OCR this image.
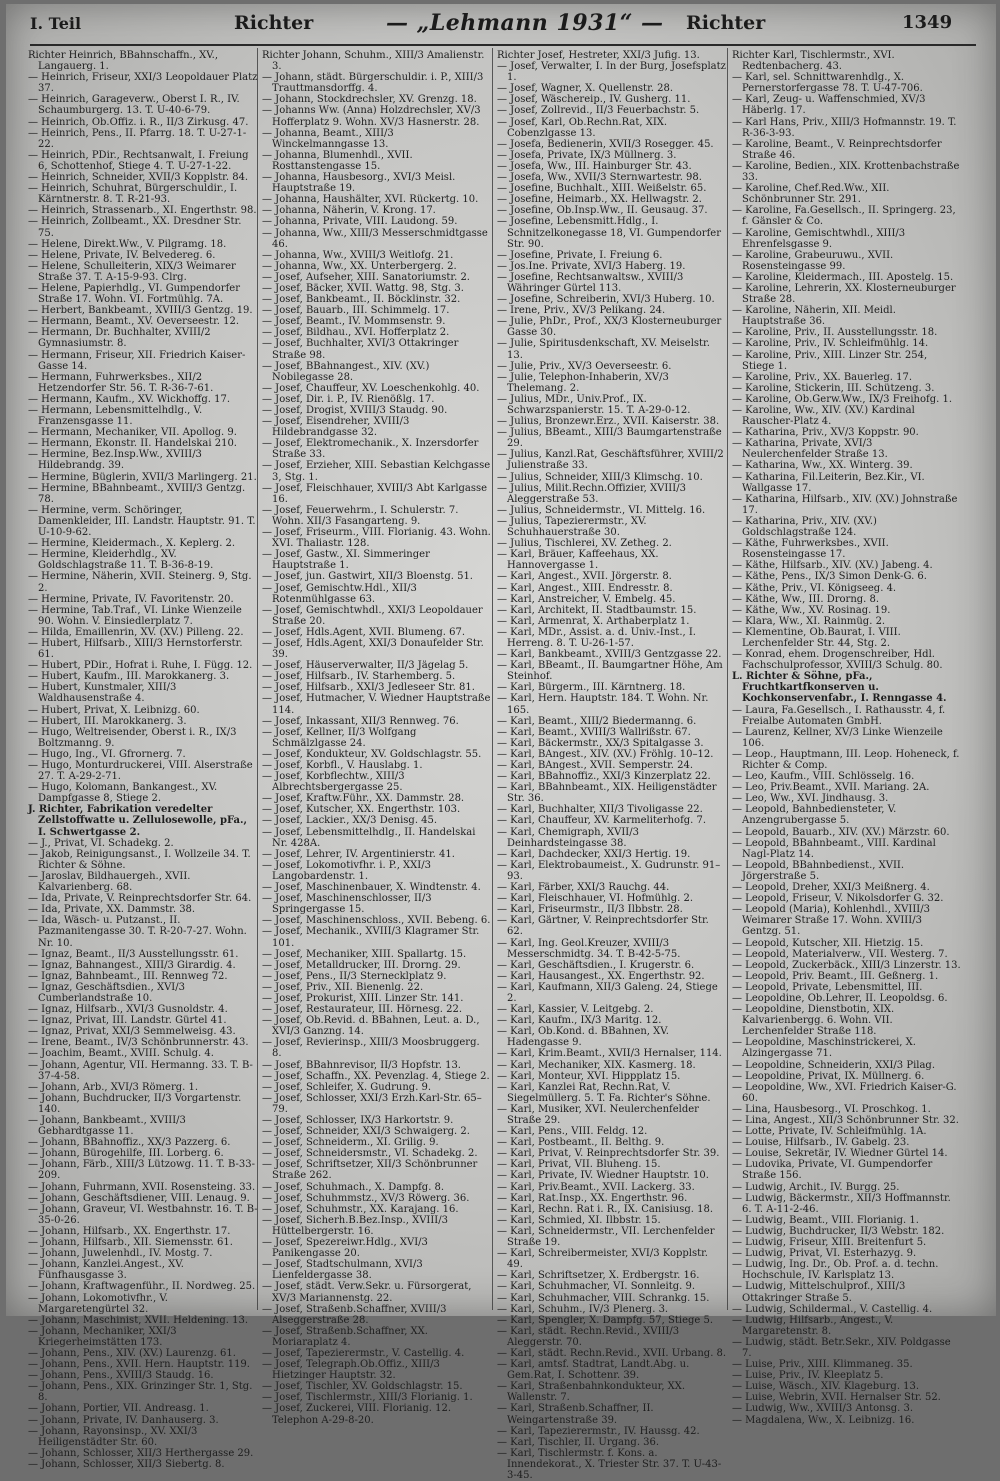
I. Teil	Richter	— „Lehmann 1931“ — Richter	1349
Richter Heinrich, BBahnschaffn., XV., Langauerg. 1.
— Heinrich, Friseur, XXI/3 Leopoldauer Platz 37.
— Heinrich, Garageverw., Oberst I. R., IV. Schaumburgerg. 13. T. U-40-6-79.
— Heinrich, Ob.Offiz. i. R., II/3 Zirkusg. 47.
— Heinrich, Pens., II. Pfarrg. 18. T. U-27-1-22.
— Heinrich, PDir., Rechtsanwalt, I. Freiung 6, Schottenhof, Stiege 4. T. U-27-1-22.
— Heinrich, Schneider, XVII/3 Kopplstr. 84.
— Heinrich, Schuhrat, Bürgerschuldir., I. Kärntnerstr. 8. T. R-21-93.
— Heinrich, Strassenarb., XI. Engerthstr. 98.
— Heinrich, Zollbeamt., XX. Dresdner Str. 75.
— Helene, Direkt.Ww., V. Pilgramg. 18.
— Helene, Private, IV. Belvedereg. 6.
— Helene, Schulleiterin, XIX/3 Weimarer Straße 37. T. A-15-9-93. Clrg.
— Helene, Papierhdlg., VI. Gumpendorfer Straße 17. Wohn. VI. Fortmühlg. 7A.
— Herbert, Bankbeamt., XVIII/3 Gentzg. 19.
— Hermann, Beamt., XV. Oeverseestr. 12.
— Hermann, Dr. Buchhalter, XVIII/2 Gymnasiumstr. 8.
— Hermann, Friseur, XII. Friedrich Kaiser-Gasse 14.
— Hermann, Fuhrwerksbes., XII/2 Hetzendorfer Str. 56. T. R-36-7-61.
— Hermann, Kaufm., XV. Wickhoffg. 17.
— Hermann, Lebensmittelhdlg., V. Franzensgasse 11.
— Hermann, Mechaniker, VII. Apollog. 9.
— Hermann, Ekonstr. II. Handelskai 210.
— Hermine, Bez.Insp.Ww., XVIII/3 Hildebrandg. 39.
— Hermine, Büglerin, XVII/3 Marlingerg. 21.
— Hermine, BBahnbeamt., XVIII/3 Gentzg. 78.
— Hermine, verm. Schöringer, Damenkleider, III. Landstr. Hauptstr. 91. T. U-10-9-62.
— Hermine, Kleidermach., X. Keplerg. 2.
— Hermine, Kleiderhdlg., XV. Goldschlagstraße 11. T. B-36-8-19.
— Hermine, Näherin, XVII. Steinerg. 9, Stg. 2.
— Hermine, Private, IV. Favoritenstr. 20.
— Hermine, Tab.Traf., VI. Linke Wienzeile 90. Wohn. V. Einsiedlerplatz 7.
— Hilda, Emaillenrin, XV. (XV.) Pilleng. 22.
— Hubert, Hilfsarb., XIII/3 Hernstorferstr. 61.
— Hubert, PDir., Hofrat i. Ruhe, I. Függ. 12.
— Hubert, Kaufm., III. Marokkanerg. 3.
— Hubert, Kunstmaler, XIII/3 Waldhausenstraße 4.
— Hubert, Privat, X. Leibnizg. 60.
— Hubert, III. Marokkanerg. 3.
— Hugo, Weltreisender, Oberst i. R., IX/3 Boltzmanng. 9.
— Hugo, Ing., VI. Gfrornerg. 7.
— Hugo, Monturdruckerei, VIII. Alserstraße 27. T. A-29-2-71.
— Hugo, Kolomann, Bankangest., XV. Dampfgasse 8, Stiege 2.
J. Richter, Fabrikation veredelter Zellstoffwatte u. Zellulosewolle, pFa., I. Schwertgasse 2.
— J., Privat, VI. Schadekg. 2.
— Jakob, Reinigungsanst., I. Wollzeile 34. T. Richter & Söhne.
— Jaroslav, Bildhauergeh., XVII. Kalvarienberg. 68.
— Ida, Private, V. Reinprechtsdorfer Str. 64.
— Ida, Private, XX. Dammstr. 38.
— Ida, Wäsch- u. Putzanst., II. Pazmanitengasse 30. T. R-20-7-27. Wohn. Nr. 10.
— Ignaz, Beamt., II/3 Ausstellungsstr. 61.
— Ignaz, Bahnangest., XIII/3 Girardig. 4.
— Ignaz, Bahnbeamt., III. Rennweg 72.
— Ignaz, Geschäftsdien., XVI/3 Cumberlandstraße 10.
— Ignaz, Hilfsarb., XVI/3 Gusnoldstr. 4.
— Ignaz, Privat, III. Landstr. Gürtel 41.
— Ignaz, Privat, XXI/3 Semmelweisg. 43.
— Irene, Beamt., IV/3 Schönbrunnerstr. 43.
— Joachim, Beamt., XVIII. Schulg. 4.
— Johann, Agentur, VII. Hermanng. 33. T. B-37-4-58.
— Johann, Arb., XVI/3 Römerg. 1.
— Johann, Buchdrucker, II/3 Vorgartenstr. 140.
— Johann, Bankbeamt., XVIII/3 Gebhardtgasse 11.
— Johann, BBahnoffiz., XX/3 Pazzerg. 6.
— Johann, Bürogehilfe, III. Lorberg. 6.
— Johann, Färb., XIII/3 Lützowg. 11. T. B-33-209.
— Johann, Fuhrmann, XVII. Rosensteing. 33.
— Johann, Geschäftsdiener, VIII. Lenaug. 9.
— Johann, Graveur, VI. Westbahnstr. 16. T. B-35-0-26.
— Johann, Hilfsarb., XX. Engerthstr. 17.
— Johann, Hilfsarb., XII. Siemensstr. 61.
— Johann, Juwelenhdl., IV. Mostg. 7.
— Johann, Kanzlei.Angest., XV. Fünfhausgasse 3.
— Johann, Kraftwagenführ., II. Nordweg. 25.
— Johann, Lokomotivfhr., V. Margaretengürtel 32.
— Johann, Maschinist, XVII. Heldening. 13.
— Johann, Mechaniker, XXI/3 Kriegerheimstätten 173.
— Johann, Pens., XIV. (XV.) Laurenzg. 61.
— Johann, Pens., XVII. Hern. Hauptstr. 119.
— Johann, Pens., XVIII/3 Staudg. 16.
— Johann, Pens., XIX. Grinzinger Str. 1, Stg. 8.
— Johann, Portier, VII. Andreasg. 1.
— Johann, Private, IV. Danhauserg. 3.
— Johann, Rayonsinsp., XV. XXI/3 Heiligenstädter Str. 60.
— Johann, Schlosser, XII/3 Herthergasse 29.
— Johann, Schlosser, XII/3 Siebertg. 8.
Richter Johann, Schuhm., XIII/3 Amalienstr. 3.
— Johann, städt. Bürgerschuldir. i. P., XIII/3 Trauttmansdorffg. 4.
— Johann, Stockdrechsler, XV. Grenzg. 18.
— Johanns Ww. (Anna) Holzdrechsler, XV/3 Hofferplatz 9. Wohn. XV/3 Hasnerstr. 28.
— Johanna, Beamt., XIII/3 Winckelmanngasse 13.
— Johanna, Blumenhdl., XVII. Rosttanstengasse 15.
— Johanna, Hausbesorg., XVI/3 Meisl. Hauptstraße 19.
— Johanna, Haushälter, XVI. Rückertg. 10.
— Johanna, Näherin, V. Krong. 17.
— Johanna, Private, VIII. Laudong. 59.
— Johanna, Ww., XIII/3 Messerschmidtgasse 46.
— Johanna, Ww., XVIII/3 Weitlofg. 21.
— Johanna, Ww., XX. Unterbergerg. 2.
— Josef, Aufseher, XIII. Sanatoriumstr. 2.
— Josef, Bäcker, XVII. Wattg. 98, Stg. 3.
— Josef, Bankbeamt., II. Böcklinstr. 32.
— Josef, Bauarb., III. Schimmelg. 17.
— Josef, Beamt., IV. Mommsenstr. 9.
— Josef, Bildhau., XVI. Hofferplatz 2.
— Josef, Buchhalter, XVI/3 Ottakringer Straße 98.
— Josef, BBahnangest., XIV. (XV.) Nobilegasse 28.
— Josef, Chauffeur, XV. Loeschenkohlg. 40.
— Josef, Dir. i. P., IV. Rienößlg. 17.
— Josef, Drogist, XVIII/3 Staudg. 90.
— Josef, Eisendreher, XVIII/3 Hildebrandgasse 32.
— Josef, Elektromechanik., X. Inzersdorfer Straße 33.
— Josef, Erzieher, XIII. Sebastian Kelchgasse 3, Stg. 1.
— Josef, Fleischhauer, XVIII/3 Abt Karlgasse 16.
— Josef, Feuerwehrm., I. Schulerstr. 7. Wohn. XII/3 Fasangarteng. 9.
— Josef, Friseurm., VIII. Florianig. 43. Wohn. XVI. Thaliastr. 128.
— Josef, Gastw., XI. Simmeringer Hauptstraße 1.
— Josef, jun. Gastwirt, XII/3 Bloenstg. 51.
— Josef, Gemischtw.Hdl., XII/3 Rotenmühlgasse 63.
— Josef, Gemischtwhdl., XXI/3 Leopoldauer Straße 20.
— Josef, Hdls.Agent, XVII. Blumeng. 67.
— Josef, Hdls.Agent, XXI/3 Donaufelder Str. 39.
— Josef, Häuserverwalter, II/3 Jägelag 5.
— Josef, Hilfsarb., IV. Starhemberg. 5.
— Josef, Hilfsarb., XXI/3 Jedleseer Str. 81.
— Josef, Hutmacher, V. Wiedner Hauptstraße 114.
— Josef, Inkassant, XII/3 Rennweg. 76.
— Josef, Kellner, II/3 Wolfgang Schmälzlgasse 24.
— Josef, Kondukteur, XV. Goldschlagstr. 55.
— Josef, Korbfl., V. Hauslabg. 1.
— Josef, Korbflechtw., XIII/3 Albrechtsbergergasse 25.
— Josef, Kraftw.Führ., XX. Dammstr. 28.
— Josef, Kutscher, XX. Engerthstr. 103.
— Josef, Lackier., XX/3 Denisg. 45.
— Josef, Lebensmittelhdlg., II. Handelskai Nr. 428A.
— Josef, Lehrer, IV. Argentinierstr. 41.
— Josef, Lokomotivfhr. i. P., XXI/3 Langobardenstr. 1.
— Josef, Maschinenbauer, X. Windtenstr. 4.
— Josef, Maschinenschlosser, II/3 Springergasse 15.
— Josef, Maschinenschloss., XVII. Bebeng. 6.
— Josef, Mechanik., XVIII/3 Klagramer Str. 101.
— Josef, Mechaniker, XIII. Spallartg. 15.
— Josef, Metalldrucker, III. Drorng. 29.
— Josef, Pens., II/3 Sternecklplatz 9.
— Josef, Priv., XII. Bienenlg. 22.
— Josef, Prokurist, XIII. Linzer Str. 141.
— Josef, Restaurateur, III. Hörnesg. 22.
— Josef, Ob.Revid. d. BBahnen, Leut. a. D., XVI/3 Ganzng. 14.
— Josef, Revierinsp., XIII/3 Moosbruggerg. 8.
— Josef, BBahnrevisor, II/3 Hopfstr. 13.
— Josef, Schaffn., XX. Pevenzlag. 4, Stiege 2.
— Josef, Schleifer, X. Gudrung. 9.
— Josef, Schlosser, XXI/3 Erzh.Karl-Str. 65–79.
— Josef, Schlosser, IX/3 Harkortstr. 9.
— Josef, Schneider, XXI/3 Schwaigerg. 2.
— Josef, Schneiderm., XI. Grilig. 9.
— Josef, Schneidersmstr., VI. Schadekg. 2.
— Josef, Schriftsetzer, XII/3 Schönbrunner Straße 262.
— Josef, Schuhmach., X. Dampfg. 8.
— Josef, Schuhmmstz., XV/3 Röwerg. 36.
— Josef, Schuhmstr., XX. Karajang. 16.
— Josef, Sicherh.B.Bez.Insp., XVIII/3 Hüttelbergerstr. 16.
— Josef, Spezereiwr.Hdlg., XVI/3 Panikengasse 20.
— Josef, Stadtschulmann, XVI/3 Lienfeldergasse 38.
— Josef, städt. Verw.Sekr. u. Fürsorgerat, XV/3 Mariannenstg. 22.
— Josef, Straßenb.Schaffner, XVIII/3 Alseggerstraße 28.
— Josef, Straßenb.Schaffner, XX. Moriaraplatz 4.
— Josef, Tapezierermstr., V. Castellig. 4.
— Josef, Telegraph.Ob.Offiz., XIII/3 Hietzinger Hauptstr. 32.
— Josef, Tischler, XV. Goldschlagstr. 15.
— Josef, Tischlermstr., XIII/3 Florianig. 1.
— Josef, Zuckerei, VIII. Florianig. 12. Telephon A-29-8-20.
Richter Josef, Hestreter, XXI/3 Jufig. 13.
— Josef, Verwalter, I. In der Burg, Josefsplatz 1.
— Josef, Wagner, X. Quellenstr. 28.
— Josef, Wäschereip., IV. Gusherg. 11.
— Josef, Zollrevid., II/3 Feuerbachstr. 5.
— Josef, Karl, Ob.Rechn.Rat, XIX. Cobenzlgasse 13.
— Josefa, Bedienerin, XVII/3 Rosegger. 45.
— Josefa, Private, IX/3 Müllnerg. 3.
— Josefa, Ww., III. Hainburger Str. 43.
— Josefa, Ww., XVII/3 Sternwartestr. 98.
— Josefine, Buchhalt., XIII. Weißelstr. 65.
— Josefine, Heimarb., XX. Hellwagstr. 2.
— Josefine, Ob.Insp.Ww., II. Geusaug. 37.
— Josefine, Lebensmitt.Hdlg., I. Schnitzelkonegasse 18, VI. Gumpendorfer Str. 90.
— Josefine, Private, I. Freiung 6.
— Jos.Ine. Private, XVI/3 Haberg. 19.
— Josefine, Rechtsanwaltsw., XVIII/3 Währinger Gürtel 113.
— Josefine, Schreiberin, XVI/3 Huberg. 10.
— Irene, Priv., XV/3 Pelikang. 24.
— Julie, PhDr., Prof., XX/3 Klosterneuburger Gasse 30.
— Julie, Spiritusdenkschaft, XV. Meiselstr. 13.
— Julie, Priv., XV/3 Oeverseestr. 6.
— Julie, Telephon-Inhaberin, XV/3 Thelemang. 2.
— Julius, MDr., Univ.Prof., IX. Schwarzspanierstr. 15. T. A-29-0-12.
— Julius, Bronzewr.Erz., XVII. Kaiserstr. 38.
— Julius, BBeamt., XIII/3 Baumgartenstraße 29.
— Julius, Kanzl.Rat, Geschäftsführer, XVIII/2 Julienstraße 33.
— Julius, Schneider, XIII/3 Klimschg. 10.
— Julius, Milit.Rechn.Offizier, XVIII/3 Aleggerstraße 53.
— Julius, Schneidermstr., VI. Mittelg. 16.
— Julius, Tapezierermstr., XV. Schuhhauerstraße 30.
— Julius, Tischlerei, XV. Zetheg. 2.
— Karl, Bräuer, Kaffeehaus, XX. Hannovergasse 1.
— Karl, Angest., XVII. Jörgerstr. 8.
— Karl, Angest., XIII. Endresstr. 8.
— Karl, Anstreicher, V. Embelg. 45.
— Karl, Architekt, II. Stadtbaumstr. 15.
— Karl, Armenrat, X. Arthaberplatz 1.
— Karl, MDr., Assist. a. d. Univ.-Inst., I. Herreng. 8. T. U-26-1-57.
— Karl, Bankbeamt., XVIII/3 Gentzgasse 22.
— Karl, BBeamt., II. Baumgartner Höhe, Am Steinhof.
— Karl, Bürgerm., III. Kärntnerg. 18.
— Karl, Hern. Hauptstr. 184. T. Wohn. Nr. 165.
— Karl, Beamt., XIII/2 Biedermanng. 6.
— Karl, Beamt., XVIII/3 Wallrißstr. 67.
— Karl, Bäckermstr., XX/3 Spitalgasse 3.
— Karl, BAngest., XIV. (XV.) Fröhlg. 10–12.
— Karl, BAngest., XVII. Semperstr. 24.
— Karl, BBahnoffiz., XXI/3 Kinzerplatz 22.
— Karl, BBahnbeamt., XIX. Heiligenstädter Str. 36.
— Karl, Buchhalter, XII/3 Tivoligasse 22.
— Karl, Chauffeur, XV. Karmeliterhofg. 7.
— Karl, Chemigraph, XVII/3 Deinhardsteingasse 38.
— Karl, Dachdecker, XXI/3 Hertig. 19.
— Karl, Elektrobaumeist., X. Gudrunstr. 91–93.
— Karl, Färber, XXI/3 Rauchg. 44.
— Karl, Fleischhauer, VI. Hofmühlg. 2.
— Karl, Friseurmstr., II/3 Ilbbstr. 28.
— Karl, Gärtner, V. Reinprechtsdorfer Str. 62.
— Karl, Ing. Geol.Kreuzer, XVIII/3 Messerschmidtg. 34. T. B-42-5-75.
— Karl, Geschäftsdien., I. Krugerstr. 6.
— Karl, Hausangest., XX. Engerthstr. 92.
— Karl, Kaufmann, XII/3 Galeng. 24, Stiege 2.
— Karl, Kassier, V. Leitgebg. 2.
— Karl, Kaufm., IX/3 Maritg. 12.
— Karl, Ob.Kond. d. BBahnen, XV. Hadengasse 9.
— Karl, Krim.Beamt., XVII/3 Hernalser, 114.
— Karl, Mechaniker, XIX. Kasmerg. 18.
— Karl, Monteur, XVI. Hippplatz 15.
— Karl, Kanzlei Rat, Rechn.Rat, V. Siegelmüllerg. 5. T. Fa. Richter's Söhne.
— Karl, Musiker, XVI. Neulerchenfelder Straße 29.
— Karl, Pens., VIII. Feldg. 12.
— Karl, Postbeamt., II. Belthg. 9.
— Karl, Privat, V. Reinprechtsdorfer Str. 39.
— Karl, Privat, VII. Bluheng. 15.
— Karl, Private, IV. Wiedner Hauptstr. 10.
— Karl, Priv.Beamt., XVII. Lackerg. 33.
— Karl, Rat.Insp., XX. Engerthstr. 96.
— Karl, Rechn. Rat i. R., IX. Canisiusg. 18.
— Karl, Schmied, XI. Ilbbstr. 15.
— Karl, Schneidermstr., VII. Lerchenfelder Straße 19.
— Karl, Schreibermeister, XVI/3 Kopplstr. 49.
— Karl, Schriftsetzer, X. Erdbergstr. 16.
— Karl, Schuhmacher, VI. Sonnleitg. 9.
— Karl, Schuhmacher, VIII. Schrankg. 15.
— Karl, Schuhm., IV/3 Plenerg. 3.
— Karl, Spengler, X. Dampfg. 57, Stiege 5.
— Karl, städt. Rechn.Revid., XVIII/3 Aleggerstr. 70.
— Karl, städt. Rechn.Revid., XVII. Urbang. 8.
— Karl, amtsf. Stadtrat, Landt.Abg. u. Gem.Rat, I. Schottenr. 39.
— Karl, Straßenbahnkondukteur, XX. Wallenstr. 7.
— Karl, Straßenb.Schaffner, II. Weingartenstraße 39.
— Karl, Tapezierermstr., IV. Haussg. 42.
— Karl, Tischler, II. Urgang. 36.
— Karl, Tischlermstr. f. Kons. a. Innendekorat., X. Triester Str. 37. T. U-43-3-45.
Richter Karl, Tischlermstr., XVI. Redtenbacherg. 43.
— Karl, sel. Schnittwarenhdlg., X. Pernerstorfergasse 78. T. U-47-706.
— Karl, Zeug- u. Waffenschmied, XV/3 Häberlg. 17.
— Karl Hans, Priv., XIII/3 Hofmannstr. 19. T. R-36-3-93.
— Karoline, Beamt., V. Reinprechtsdorfer Straße 46.
— Karoline, Bedien., XIX. Krottenbachstraße 33.
— Karoline, Chef.Red.Ww., XII. Schönbrunner Str. 291.
— Karoline, Fa.Gesellsch., II. Springerg. 23, f. Gänsler & Co.
— Karoline, Gemischtwhdl., XIII/3 Ehrenfelsgasse 9.
— Karoline, Grabeuruwu., XVII. Rosensteingasse 99.
— Karoline, Kleidermach., III. Apostelg. 15.
— Karoline, Lehrerin, XX. Klosterneuburger Straße 28.
— Karoline, Näherin, XII. Meidl. Hauptstraße 36.
— Karoline, Priv., II. Ausstellungsstr. 18.
— Karoline, Priv., IV. Schleifmühlg. 14.
— Karoline, Priv., XIII. Linzer Str. 254, Stiege 1.
— Karoline, Priv., XX. Bauerleg. 17.
— Karoline, Stickerin, III. Schützeng. 3.
— Karoline, Ob.Gerw.Ww., IX/3 Freihofg. 1.
— Karoline, Ww., XIV. (XV.) Kardinal Rauscher-Platz 4.
— Katharina, Priv., XV/3 Koppstr. 90.
— Katharina, Private, XVI/3 Neulerchenfelder Straße 13.
— Katharina, Ww., XX. Winterg. 39.
— Katharina, Fil.Leiterin, Bez.Kir., VI. Wallgasse 17.
— Katharina, Hilfsarb., XIV. (XV.) Johnstraße 17.
— Katharina, Priv., XIV. (XV.) Goldschlagstraße 124.
— Käthe, Fuhrwerksbes., XVII. Rosensteingasse 17.
— Käthe, Hilfsarb., XIV. (XV.) Jabeng. 4.
— Käthe, Pens., IX/3 Simon Denk-G. 6.
— Käthe, Priv., VI. Königseeg. 4.
— Käthe, Ww., III. Drorng. 8.
— Käthe, Ww., XV. Rosinag. 19.
— Klara, Ww., XI. Rainmüg. 2.
— Klementine, Ob.Baurat, I. VIII. Lerchenfelder Str. 44, Stg. 2.
— Konrad, ehem. Drogenschreiber, Hdl. Fachschulprofessor, XVIII/3 Schulg. 80.
L. Richter & Söhne, pFa., Fruchtkartfkonserven u. Kochkonservenfabr., I. Renngasse 4.
— Laura, Fa.Gesellsch., I. Rathausstr. 4, f. Freialbe Automaten GmbH.
— Laurenz, Kellner, XV/3 Linke Wienzeile 106.
— Leop., Hauptmann, III. Leop. Hoheneck, f. Richter & Comp.
— Leo, Kaufm., VIII. Schlösselg. 16.
— Leo, Priv.Beamt., XVII. Mariang. 2A.
— Leo, Ww., XVI. Jindhausg. 3.
— Leopold, Bahnbediensteter, V. Anzengrubergasse 5.
— Leopold, Bauarb., XIV. (XV.) Märzstr. 60.
— Leopold, BBahnbeamt., VIII. Kardinal Nagl-Platz 14.
— Leopold, BBahnbedienst., XVII. Jörgerstraße 5.
— Leopold, Dreher, XXI/3 Meißnerg. 4.
— Leopold, Friseur, V. Nikolsdorfer G. 32.
— Leopold (Maria), Kohlenhdl., XVIII/3 Weimarer Straße 17. Wohn. XVIII/3 Gentzg. 51.
— Leopold, Kutscher, XII. Hietzig. 15.
— Leopold, Materialverw., VII. Westerg. 7.
— Leopold, Zuckerbäck., XIII/3 Linzerstr. 13.
— Leopold, Priv. Beamt., III. Geßnerg. 1.
— Leopold, Private, Lebensmittel, III.
— Leopoldine, Ob.Lehrer, II. Leopoldsg. 6.
— Leopoldine, Dienstbotin, XIX. Kalvarienbergg. 6. Wohn. VII. Lerchenfelder Straße 118.
— Leopoldine, Maschinstrickerei, X. Alzingergasse 71.
— Leopoldine, Schneiderin, XXI/3 Pilag.
— Leopoldine, Privat, IX. Müllnerg. 6.
— Leopoldine, Ww., XVI. Friedrich Kaiser-G. 60.
— Lina, Hausbesorg., VI. Proschkog. 1.
— Lina, Angest., XII/3 Schönbrunner Str. 32.
— Lotte, Private, IV. Schleifmühlg. 1A.
— Louise, Hilfsarb., IV. Gabelg. 23.
— Louise, Sekretär, IV. Wiedner Gürtel 14.
— Ludovika, Private, VI. Gumpendorfer Straße 156.
— Ludwig, Archit., IV. Burgg. 25.
— Ludwig, Bäckermstr., XII/3 Hoffmannstr. 6. T. A-11-2-46.
— Ludwig, Beamt., VIII. Florianig. 1.
— Ludwig, Buchdrucker, II/3 Webstr. 182.
— Ludwig, Friseur, XIII. Breitenfurt 5.
— Ludwig, Privat, VI. Esterhazyg. 9.
— Ludwig, Ing. Dr., Ob. Prof. a. d. techn. Hochschule, IV. Karlsplatz 13.
— Ludwig, Mittelschulprof., XIII/3 Ottakringer Straße 5.
— Ludwig, Schildermal., V. Castellig. 4.
— Ludwig, Hilfsarb., Angest., V. Margaretenstr. 8.
— Ludwig, städt. Betr.Sekr., XIV. Poldgasse 7.
— Luise, Priv., XIII. Klimmaneg. 35.
— Luise, Priv., IV. Kleeplatz 5.
— Luise, Wäsch., XIV. Klageburg. 13.
— Luise, Webrin, XVII. Hernalser Str. 52.
— Ludwig, Ww., XVIII/3 Antonsg. 3.
— Magdalena, Ww., X. Leibnizg. 16.
